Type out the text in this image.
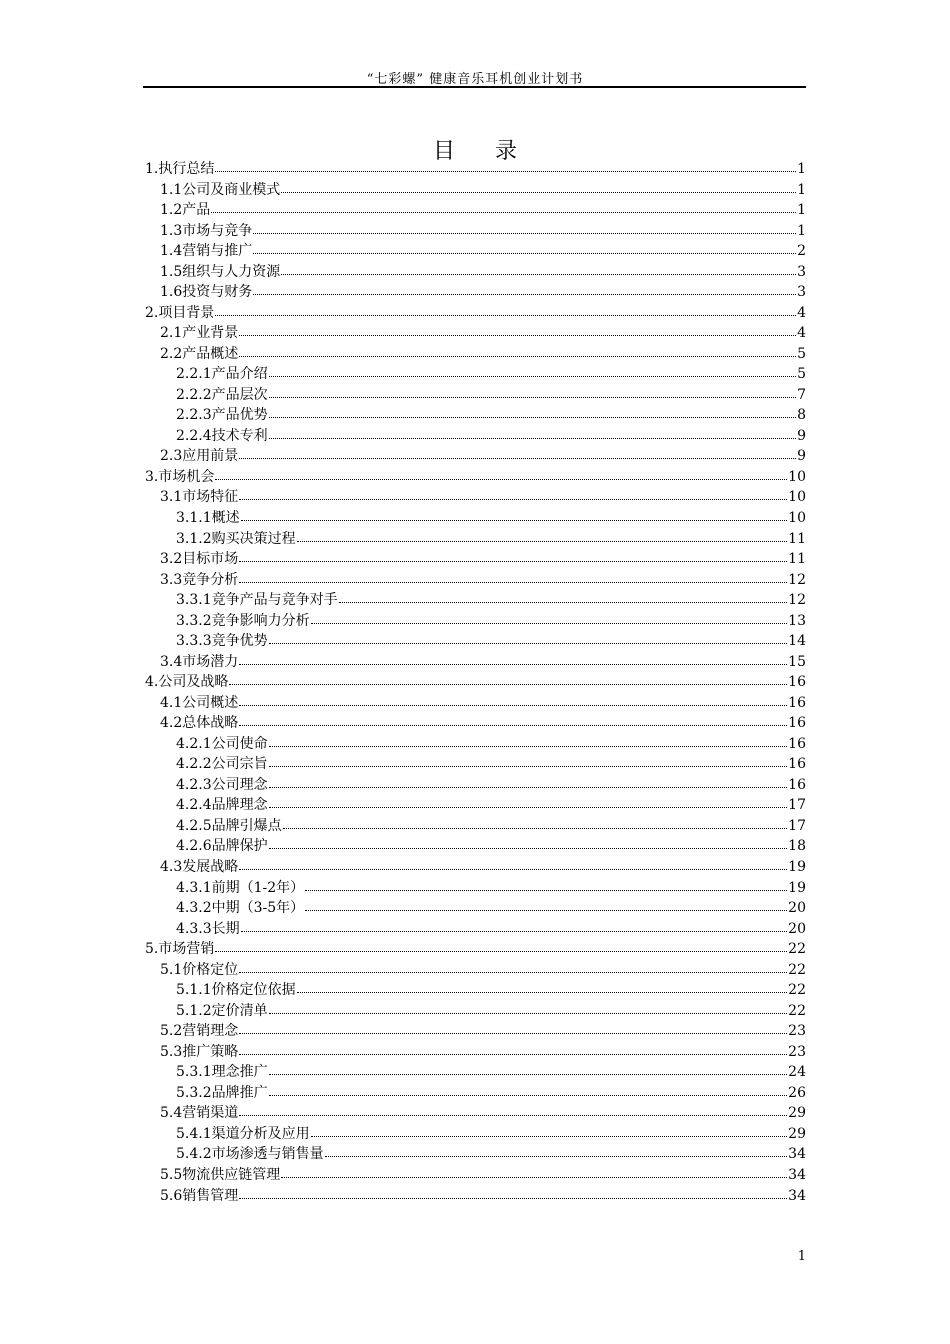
“七彩螺” 健康音乐耳机创业计划书
目 录
1.执行总结	1
1.1公司及商业模式	1
1.2产品	1
1.3市场与竞争	1
1.4营销与推广	2
1.5组织与人力资源	3
1.6投资与财务	3
2.项目背景	4
2.1产业背景	4
2.2产品概述	5
2.2.1产品介绍	5
2.2.2产品层次	7
2.2.3产品优势	8
2.2.4技术专利	9
2.3应用前景	9
3.市场机会	10
3.1市场特征	10
3.1.1概述	10
3.1.2购买决策过程	11
3.2目标市场	11
3.3竞争分析	12
3.3.1竞争产品与竞争对手	12
3.3.2竞争影响力分析	13
3.3.3竞争优势	14
3.4市场潜力	15
4.公司及战略	16
4.1公司概述	16
4.2总体战略	16
4.2.1公司使命	16
4.2.2公司宗旨	16
4.2.3公司理念	16
4.2.4品牌理念	17
4.2.5品牌引爆点	17
4.2.6品牌保护	18
4.3发展战略	19
4.3.1前期（1-2年）	19
4.3.2中期（3-5年）	20
4.3.3长期	20
5.市场营销	22
5.1价格定位	22
5.1.1价格定位依据	22
5.1.2定价清单	22
5.2营销理念	23
5.3推广策略	23
5.3.1理念推广	24
5.3.2品牌推广	26
5.4营销渠道	29
5.4.1渠道分析及应用	29
5.4.2市场渗透与销售量	34
5.5物流供应链管理	34
5.6销售管理	34
1
